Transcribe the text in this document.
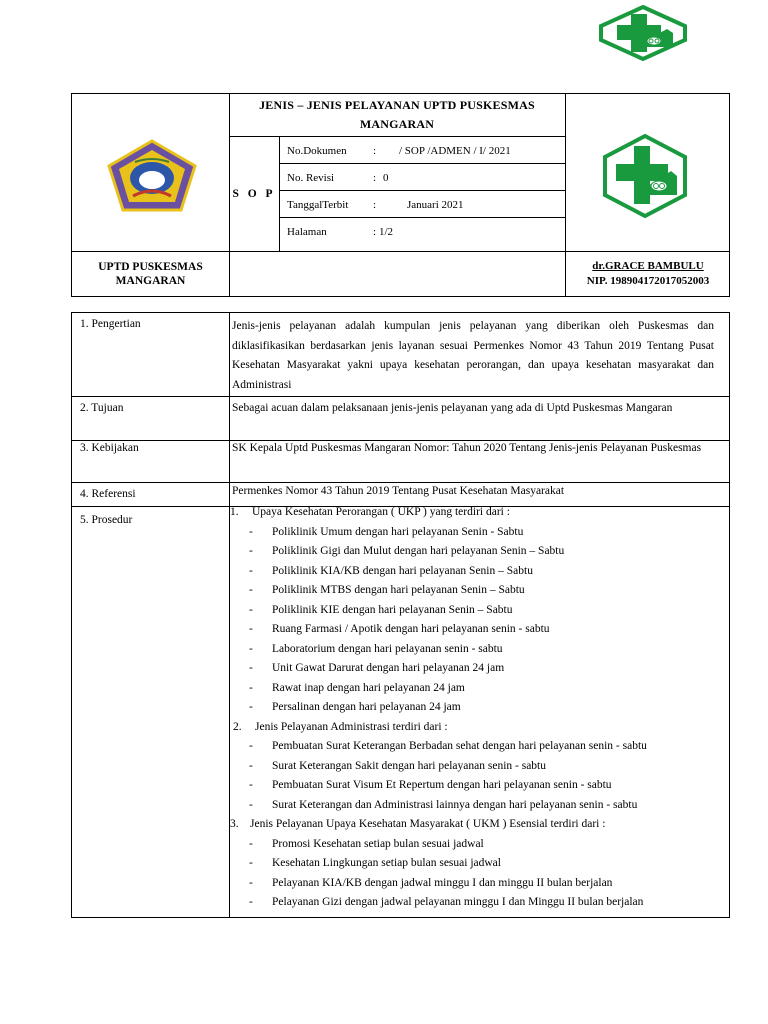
JENIS – JENIS PELAYANAN UPTD PUSKESMAS MANGARAN
S O P
No.Dokumen	:	/ SOP /ADMEN / I/ 2021
No. Revisi	: 0
TanggalTerbit	:	Januari 2021
Halaman	: 1/2
UPTD PUSKESMAS MANGARAN
dr.GRACE BAMBULU
NIP. 198904172017052003
1. Pengertian	Jenis-jenis pelayanan adalah kumpulan jenis pelayanan yang diberikan oleh Puskesmas dan diklasifikasikan berdasarkan jenis layanan sesuai Permenkes Nomor 43 Tahun 2019 Tentang Pusat Kesehatan Masyarakat yakni upaya kesehatan perorangan, dan upaya kesehatan masyarakat dan Administrasi

2. Tujuan	Sebagai acuan dalam pelaksanaan jenis-jenis pelayanan yang ada di Uptd Puskesmas Mangaran

3. Kebijakan	SK Kepala Uptd Puskesmas Mangaran Nomor: Tahun 2020 Tentang Jenis-jenis Pelayanan Puskesmas

4. Referensi	Permenkes Nomor 43 Tahun 2019 Tentang Pusat Kesehatan Masyarakat

5. Prosedur
1. Upaya Kesehatan Perorangan ( UKP ) yang terdiri dari :
- Poliklinik Umum dengan hari pelayanan Senin - Sabtu
- Poliklinik Gigi dan Mulut dengan hari pelayanan Senin – Sabtu
- Poliklinik KIA/KB dengan hari pelayanan Senin – Sabtu
- Poliklinik MTBS dengan hari pelayanan Senin – Sabtu
- Poliklinik KIE dengan hari pelayanan Senin – Sabtu
- Ruang Farmasi / Apotik dengan hari pelayanan senin - sabtu
- Laboratorium dengan hari pelayanan senin - sabtu
- Unit Gawat Darurat dengan hari pelayanan 24 jam
- Rawat inap dengan hari pelayanan 24 jam
- Persalinan dengan hari pelayanan 24 jam
2. Jenis Pelayanan Administrasi terdiri dari :
- Pembuatan Surat Keterangan Berbadan sehat dengan hari pelayanan senin - sabtu
- Surat Keterangan Sakit dengan hari pelayanan senin - sabtu
- Pembuatan Surat Visum Et Repertum dengan hari pelayanan senin - sabtu
- Surat Keterangan dan Administrasi lainnya dengan hari pelayanan senin - sabtu
3. Jenis Pelayanan Upaya Kesehatan Masyarakat ( UKM ) Esensial terdiri dari :
- Promosi Kesehatan setiap bulan sesuai jadwal
- Kesehatan Lingkungan setiap bulan sesuai jadwal
- Pelayanan KIA/KB dengan jadwal minggu I dan minggu II bulan berjalan
- Pelayanan Gizi dengan jadwal pelayanan minggu I dan Minggu II bulan berjalan
